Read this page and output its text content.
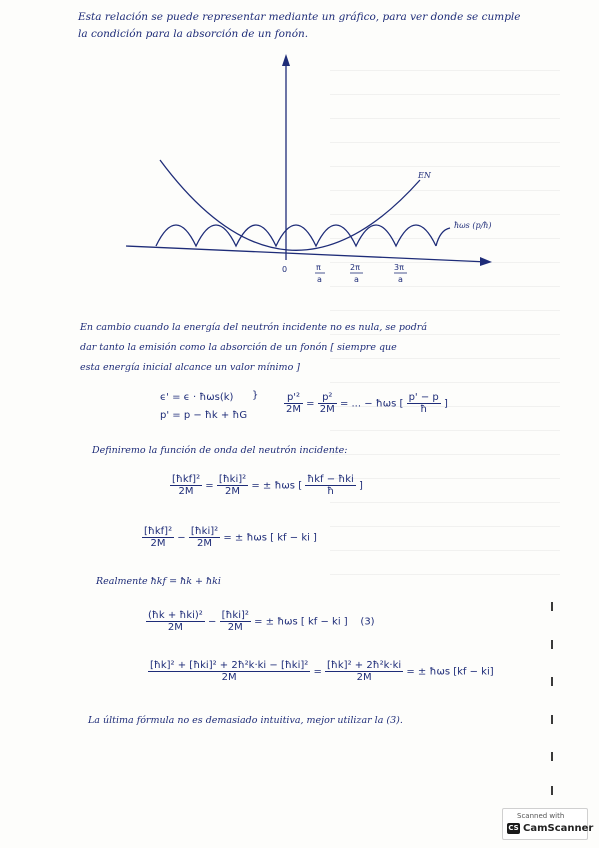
Esta relación se puede representar mediante un gráfico, para ver donde se cumple
la condición para la absorción de un fonón.
EN
ħωs (p/ħ)
0	π
a
2π
a
3π
a
En cambio cuando la energía del neutrón incidente no es nula, se podrá
dar tanto la emisión como la absorción de un fonón [ siempre que
esta energía inicial alcance un valor mínimo ]
ϵ' = ϵ · ħωs(k)
p' = p − ħk + ħG
}	$\frac{\text{p'²}}{2M} = \frac{\text{p²}}{2M}$ = ... − ħωs [ $\frac{p' - p}{ħ}$ ]
Definiremo la función de onda del neutrón incidente:
$\frac{\text{[ħkf]²}}{2M} = \frac{\text{[ħki]²}}{2M}$ = ± ħωs [ $\frac{\text{ħkf − ħki}}{ħ}$ ]
$\frac{\text{[ħkf]²}}{2M} - \frac{\text{[ħki]²}}{2M}$ = ± ħωs [ kf − ki ]
Realmente ħkf = ħk + ħki
$\frac{\text{(ħk + ħki)²}}{2M} - \frac{\text{[ħki]²}}{2M}$ = ± ħωs [ kf − ki ] (3)
$\frac{\text{[ħk]² + [ħki]² + 2ħ²k·ki − [ħki]²}}{2M} = \frac{\text{[ħk]² + 2ħ²k·ki}}{2M}$ = ± ħωs [kf − ki]
La última fórmula no es demasiado intuitiva, mejor utilizar la (3).
Scanned with
CS CamScanner
